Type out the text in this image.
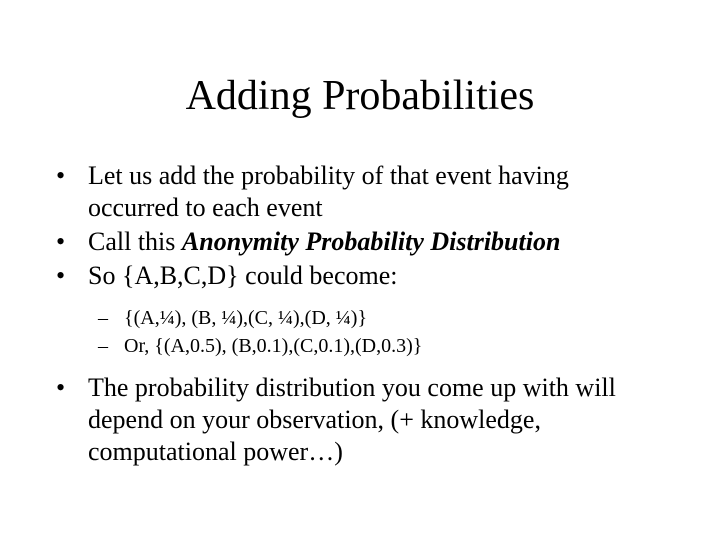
Adding Probabilities
• Let us add the probability of that event having
occurred to each event
• Call this Anonymity Probability Distribution
• So {A,B,C,D} could become:
– {(A,¼), (B, ¼),(C, ¼),(D, ¼)}
– Or, {(A,0.5), (B,0.1),(C,0.1),(D,0.3)}
• The probability distribution you come up with will
depend on your observation, (+ knowledge,
computational power…)
